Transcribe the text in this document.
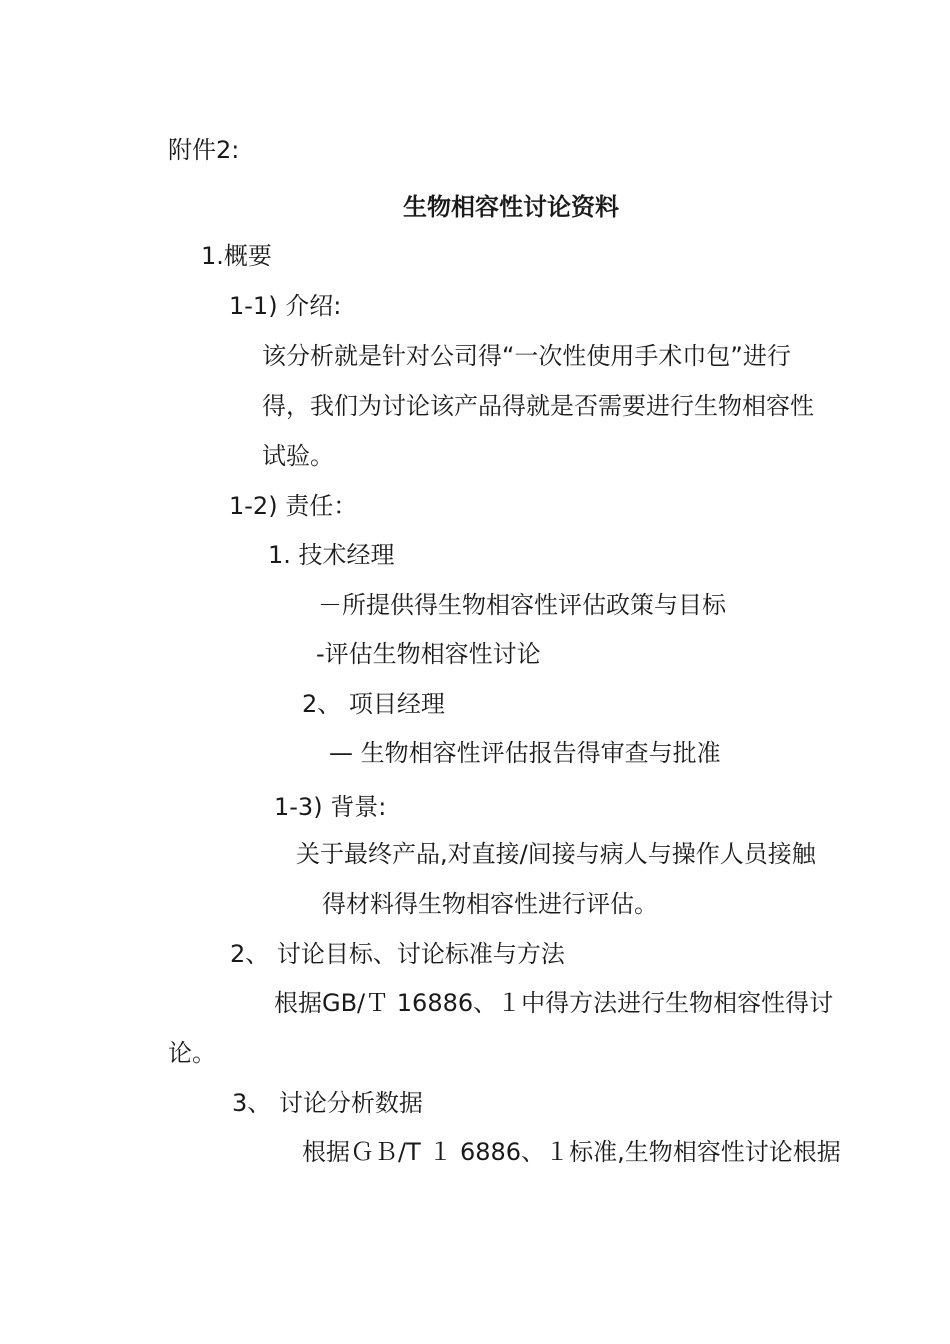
附件2:
生物相容性讨论资料
1.概要
1-1) 介绍:
该分析就是针对公司得“一次性使用手术巾包”进行
得，我们为讨论该产品得就是否需要进行生物相容性
试验。
1-2) 责任：
1. 技术经理
－所提供得生物相容性评估政策与目标
-评估生物相容性讨论
2、 项目经理
— 生物相容性评估报告得审查与批准
1-3) 背景:
关于最终产品,对直接/间接与病人与操作人员接触
得材料得生物相容性进行评估。
2、 讨论目标、讨论标准与方法
根据GB/Ｔ 16886、１中得方法进行生物相容性得讨
论。
3、 讨论分析数据
根据ＧＢ/T １ 6886、１标准,生物相容性讨论根据
